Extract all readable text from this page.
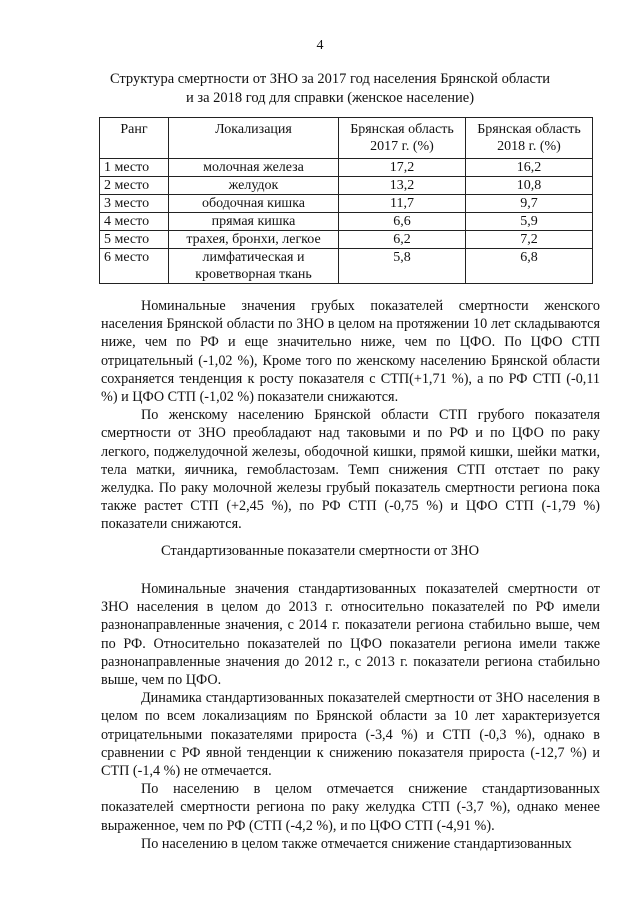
4
Структура смертности от ЗНО за 2017 год населения Брянской области
и за 2018 год для справки (женское население)
Ранг	Локализация	Брянская область 2017 г. (%)	Брянская область 2018 г. (%)
1 место	молочная железа	17,2	16,2
2 место	желудок	13,2	10,8
3 место	ободочная кишка	11,7	9,7
4 место	прямая кишка	6,6	5,9
5 место	трахея, бронхи, легкое	6,2	7,2
6 место	лимфатическая и кроветворная ткань	5,8	6,8

Номинальные значения грубых показателей смертности женского населения Брянской области по ЗНО в целом на протяжении 10 лет складываются ниже, чем по РФ и еще значительно ниже, чем по ЦФО. По ЦФО СТП отрицательный (-1,02 %), Кроме того по женскому населению Брянской области сохраняется тенденция к росту показателя с СТП(+1,71 %), а по РФ СТП (-0,11 %) и ЦФО СТП (-1,02 %) показатели снижаются.

По женскому населению Брянской области СТП грубого показателя смертности от ЗНО преобладают над таковыми и по РФ и по ЦФО по раку легкого, поджелудочной железы, ободочной кишки, прямой кишки, шейки матки, тела матки, яичника, гемобластозам. Темп снижения СТП отстает по раку желудка. По раку молочной железы грубый показатель смертности региона пока также растет СТП (+2,45 %), по РФ СТП (-0,75 %) и ЦФО СТП (-1,79 %) показатели снижаются.

Стандартизованные показатели смертности от ЗНО

Номинальные значения стандартизованных показателей смертности от ЗНО населения в целом до 2013 г. относительно показателей по РФ имели разнонаправленные значения, с 2014 г. показатели региона стабильно выше, чем по РФ. Относительно показателей по ЦФО показатели региона имели также разнонаправленные значения до 2012 г., с 2013 г. показатели региона стабильно выше, чем по ЦФО.

Динамика стандартизованных показателей смертности от ЗНО населения в целом по всем локализациям по Брянской области за 10 лет характеризуется отрицательными показателями прироста (-3,4 %) и СТП (-0,3 %), однако в сравнении с РФ явной тенденции к снижению показателя прироста (-12,7 %) и СТП (-1,4 %) не отмечается.

По населению в целом отмечается снижение стандартизованных показателей смертности региона по раку желудка СТП (-3,7 %), однако менее выраженное, чем по РФ (СТП (-4,2 %), и по ЦФО СТП (-4,91 %).

По населению в целом также отмечается снижение стандартизованных
